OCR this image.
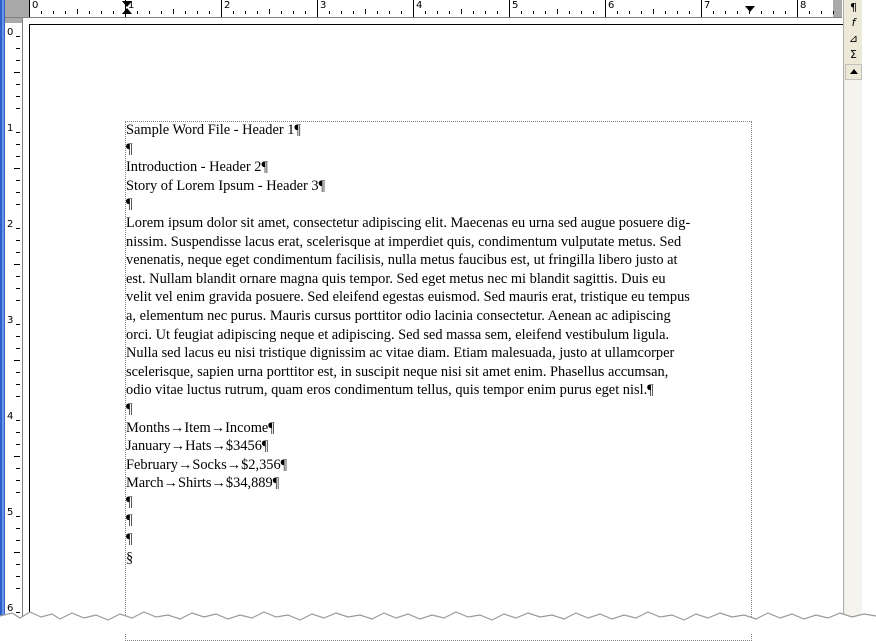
0	1	2	3	4	5	6	7	8
0
1
2
3
4
5
6
Sample Word File - Header 1¶
¶
Introduction - Header 2¶
Story of Lorem Ipsum - Header 3¶
¶
Lorem ipsum dolor sit amet, consectetur adipiscing elit. Maecenas eu urna sed augue posuere dig-
nissim. Suspendisse lacus erat, scelerisque at imperdiet quis, condimentum vulputate metus. Sed
venenatis, neque eget condimentum facilisis, nulla metus faucibus est, ut fringilla libero justo at
est. Nullam blandit ornare magna quis tempor. Sed eget metus nec mi blandit sagittis. Duis eu
velit vel enim gravida posuere. Sed eleifend egestas euismod. Sed mauris erat, tristique eu tempus
a, elementum nec purus. Mauris cursus porttitor odio lacinia consectetur. Aenean ac adipiscing
orci. Ut feugiat adipiscing neque et adipiscing. Sed sed massa sem, eleifend vestibulum ligula.
Nulla sed lacus eu nisi tristique dignissim ac vitae diam. Etiam malesuada, justo at ullamcorper
scelerisque, sapien urna porttitor est, in suscipit neque nisi sit amet enim. Phasellus accumsan,
odio vitae luctus rutrum, quam eros condimentum tellus, quis tempor enim purus eget nisl.¶
¶
Months→Item→Income¶
January→Hats→$3456¶
February→Socks→$2,356¶
March→Shirts→$34,889¶
¶
¶
¶
§
¶
f
⊿
Σ
